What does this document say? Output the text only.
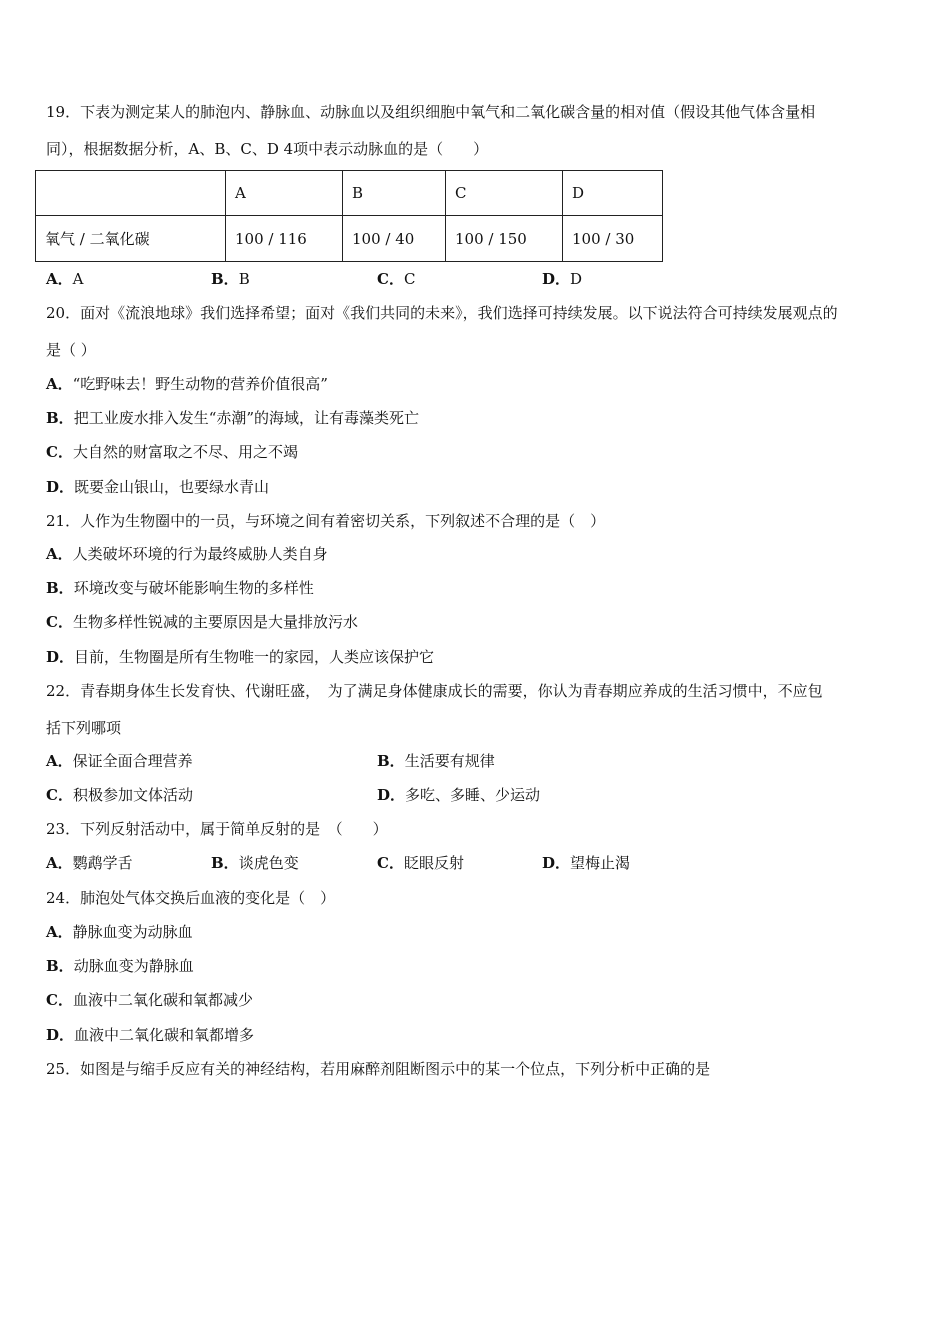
19．下表为测定某人的肺泡内、静脉血、动脉血以及组织细胞中氧气和二氧化碳含量的相对值（假设其他气体含量相
同），根据数据分析，A、B、C、D 4项中表示动脉血的是（　　）
	A	B	C	D
氧气 / 二氧化碳	100 / 116	100 / 40	100 / 150	100 / 30
A．A	B．B	C．C	D．D
20．面对《流浪地球》我们选择希望；面对《我们共同的未来》，我们选择可持续发展。以下说法符合可持续发展观点的
是（ ）
A．“吃野味去！野生动物的营养价值很高”
B．把工业废水排入发生“赤潮”的海域，让有毒藻类死亡
C．大自然的财富取之不尽、用之不竭
D．既要金山银山，也要绿水青山
21．人作为生物圈中的一员，与环境之间有着密切关系，下列叙述不合理的是（　）
A．人类破坏环境的行为最终威胁人类自身
B．环境改变与破坏能影响生物的多样性
C．生物多样性锐减的主要原因是大量排放污水
D．目前，生物圈是所有生物唯一的家园，人类应该保护它
22．青春期身体生长发育快、代谢旺盛，　为了满足身体健康成长的需要，你认为青春期应养成的生活习惯中，不应包
括下列哪项
A．保证全面合理营养	B．生活要有规律
C．积极参加文体活动	D．多吃、多睡、少运动
23．下列反射活动中，属于简单反射的是　（　　）
A．鹦鹉学舌	B．谈虎色变	C．眨眼反射	D．望梅止渴
24．肺泡处气体交换后血液的变化是（　）
A．静脉血变为动脉血
B．动脉血变为静脉血
C．血液中二氧化碳和氧都减少
D．血液中二氧化碳和氧都增多
25．如图是与缩手反应有关的神经结构，若用麻醉剂阻断图示中的某一个位点，下列分析中正确的是
